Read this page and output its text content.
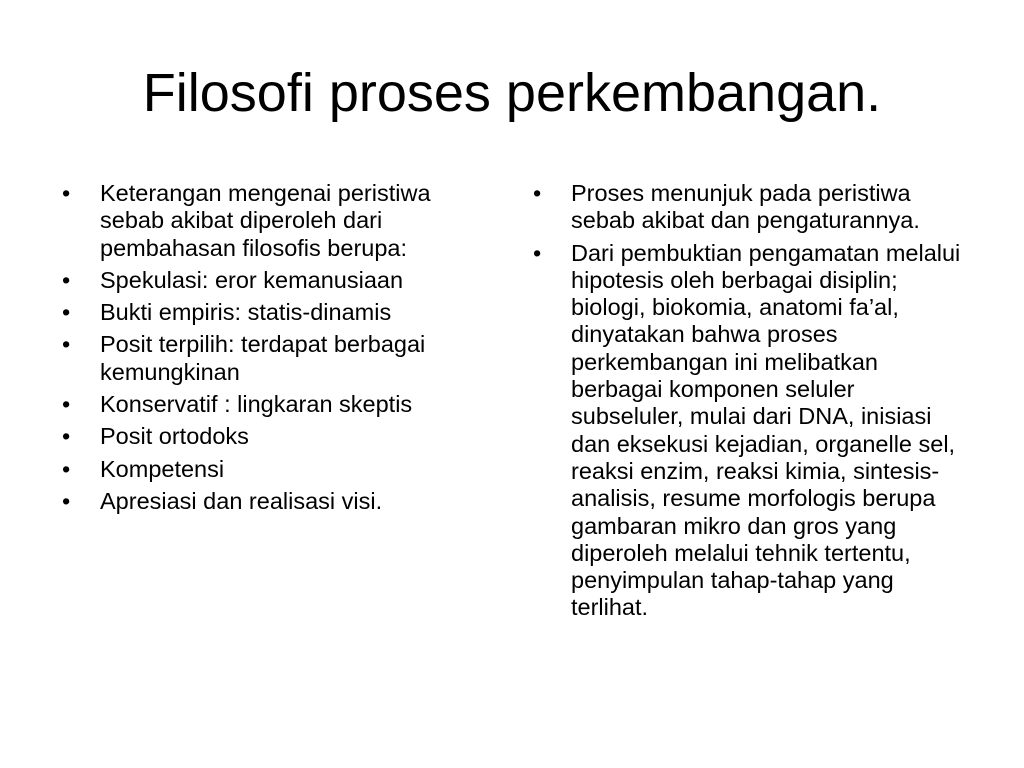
Filosofi proses perkembangan.
•	Keterangan mengenai peristiwa sebab akibat diperoleh dari pembahasan filosofis berupa:
•	Spekulasi: eror kemanusiaan
•	Bukti empiris: statis-dinamis
•	Posit terpilih: terdapat berbagai kemungkinan
•	Konservatif : lingkaran skeptis
•	Posit ortodoks
•	Kompetensi
•	Apresiasi dan realisasi visi.
•	Proses menunjuk pada peristiwa sebab akibat dan pengaturannya.
•	Dari pembuktian pengamatan melalui hipotesis oleh berbagai disiplin; biologi, biokomia, anatomi fa’al, dinyatakan bahwa proses perkembangan ini melibatkan berbagai komponen seluler subseluler, mulai dari DNA, inisiasi dan eksekusi kejadian, organelle sel, reaksi enzim, reaksi kimia, sintesis-analisis, resume morfologis berupa gambaran mikro dan gros yang diperoleh melalui tehnik tertentu, penyimpulan tahap-tahap yang terlihat.
